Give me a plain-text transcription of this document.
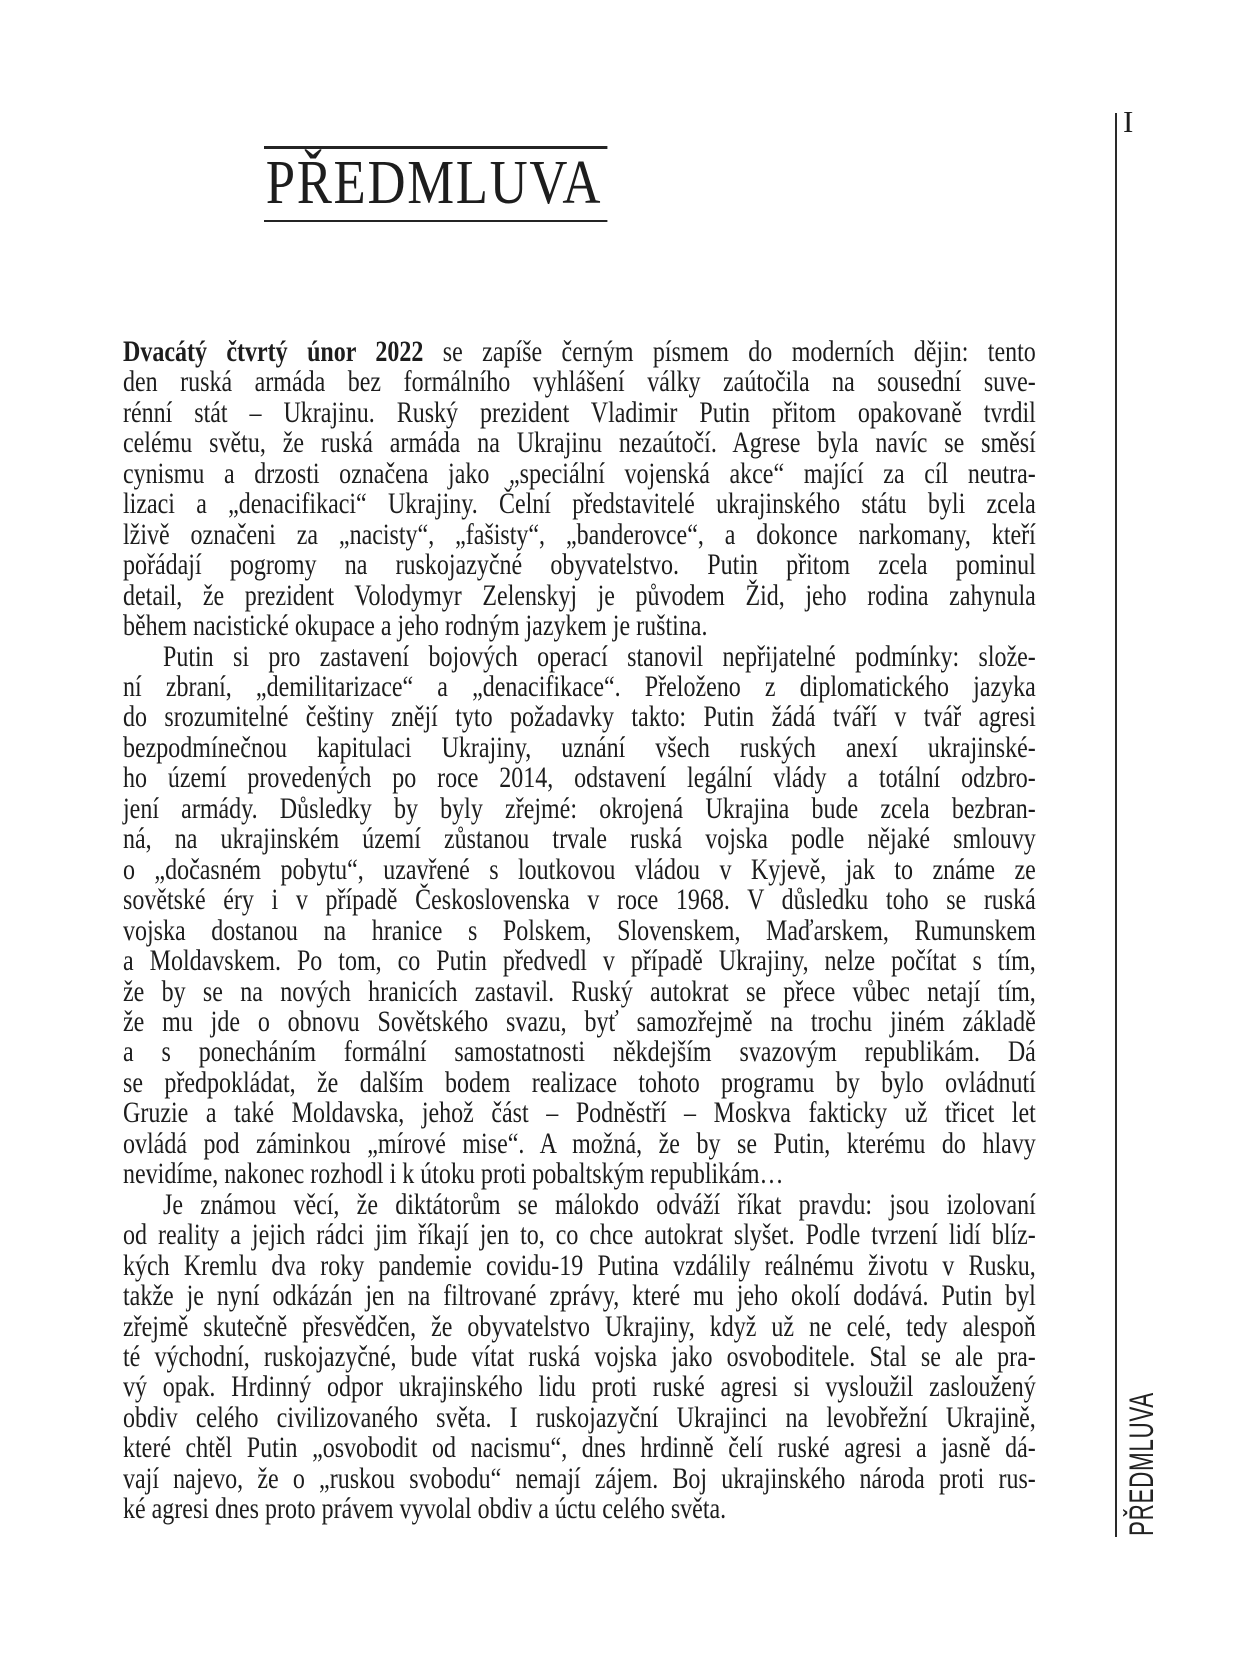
PŘEDMLUVA
Dvacátý čtvrtý únor 2022 se zapíše černým písmem do moderních dějin: tento
den ruská armáda bez formálního vyhlášení války zaútočila na sousední suve-
rénní stát – Ukrajinu. Ruský prezident Vladimir Putin přitom opakovaně tvrdil
celému světu, že ruská armáda na Ukrajinu nezaútočí. Agrese byla navíc se směsí
cynismu a drzosti označena jako „speciální vojenská akce“ mající za cíl neutra-
lizaci a „denacifikaci“ Ukrajiny. Čelní představitelé ukrajinského státu byli zcela
lživě označeni za „nacisty“, „fašisty“, „banderovce“, a dokonce narkomany, kteří
pořádají pogromy na ruskojazyčné obyvatelstvo. Putin přitom zcela pominul
detail, že prezident Volodymyr Zelenskyj je původem Žid, jeho rodina zahynula
během nacistické okupace a jeho rodným jazykem je ruština.
Putin si pro zastavení bojových operací stanovil nepřijatelné podmínky: slože-
ní zbraní, „demilitarizace“ a „denacifikace“. Přeloženo z diplomatického jazyka
do srozumitelné češtiny znějí tyto požadavky takto: Putin žádá tváří v tvář agresi
bezpodmínečnou kapitulaci Ukrajiny, uznání všech ruských anexí ukrajinské-
ho území provedených po roce 2014, odstavení legální vlády a totální odzbro-
jení armády. Důsledky by byly zřejmé: okrojená Ukrajina bude zcela bezbran-
ná, na ukrajinském území zůstanou trvale ruská vojska podle nějaké smlouvy
o „dočasném pobytu“, uzavřené s loutkovou vládou v Kyjevě, jak to známe ze
sovětské éry i v případě Československa v roce 1968. V důsledku toho se ruská
vojska dostanou na hranice s Polskem, Slovenskem, Maďarskem, Rumunskem
a Moldavskem. Po tom, co Putin předvedl v případě Ukrajiny, nelze počítat s tím,
že by se na nových hranicích zastavil. Ruský autokrat se přece vůbec netají tím,
že mu jde o obnovu Sovětského svazu, byť samozřejmě na trochu jiném základě
a s ponecháním formální samostatnosti někdejším svazovým republikám. Dá
se předpokládat, že dalším bodem realizace tohoto programu by bylo ovládnutí
Gruzie a také Moldavska, jehož část – Podněstří – Moskva fakticky už třicet let
ovládá pod záminkou „mírové mise“. A možná, že by se Putin, kterému do hlavy
nevidíme, nakonec rozhodl i k útoku proti pobaltským republikám…
Je známou věcí, že diktátorům se málokdo odváží říkat pravdu: jsou izolovaní
od reality a jejich rádci jim říkají jen to, co chce autokrat slyšet. Podle tvrzení lidí blíz-
kých Kremlu dva roky pandemie covidu-19 Putina vzdálily reálnému životu v Rusku,
takže je nyní odkázán jen na filtrované zprávy, které mu jeho okolí dodává. Putin byl
zřejmě skutečně přesvědčen, že obyvatelstvo Ukrajiny, když už ne celé, tedy alespoň
té východní, ruskojazyčné, bude vítat ruská vojska jako osvoboditele. Stal se ale pra-
vý opak. Hrdinný odpor ukrajinského lidu proti ruské agresi si vysloužil zasloužený
obdiv celého civilizovaného světa. I ruskojazyční Ukrajinci na levobřežní Ukrajině,
které chtěl Putin „osvobodit od nacismu“, dnes hrdinně čelí ruské agresi a jasně dá-
vají najevo, že o „ruskou svobodu“ nemají zájem. Boj ukrajinského národa proti rus-
ké agresi dnes proto právem vyvolal obdiv a úctu celého světa.
I
PŘEDMLUVA
